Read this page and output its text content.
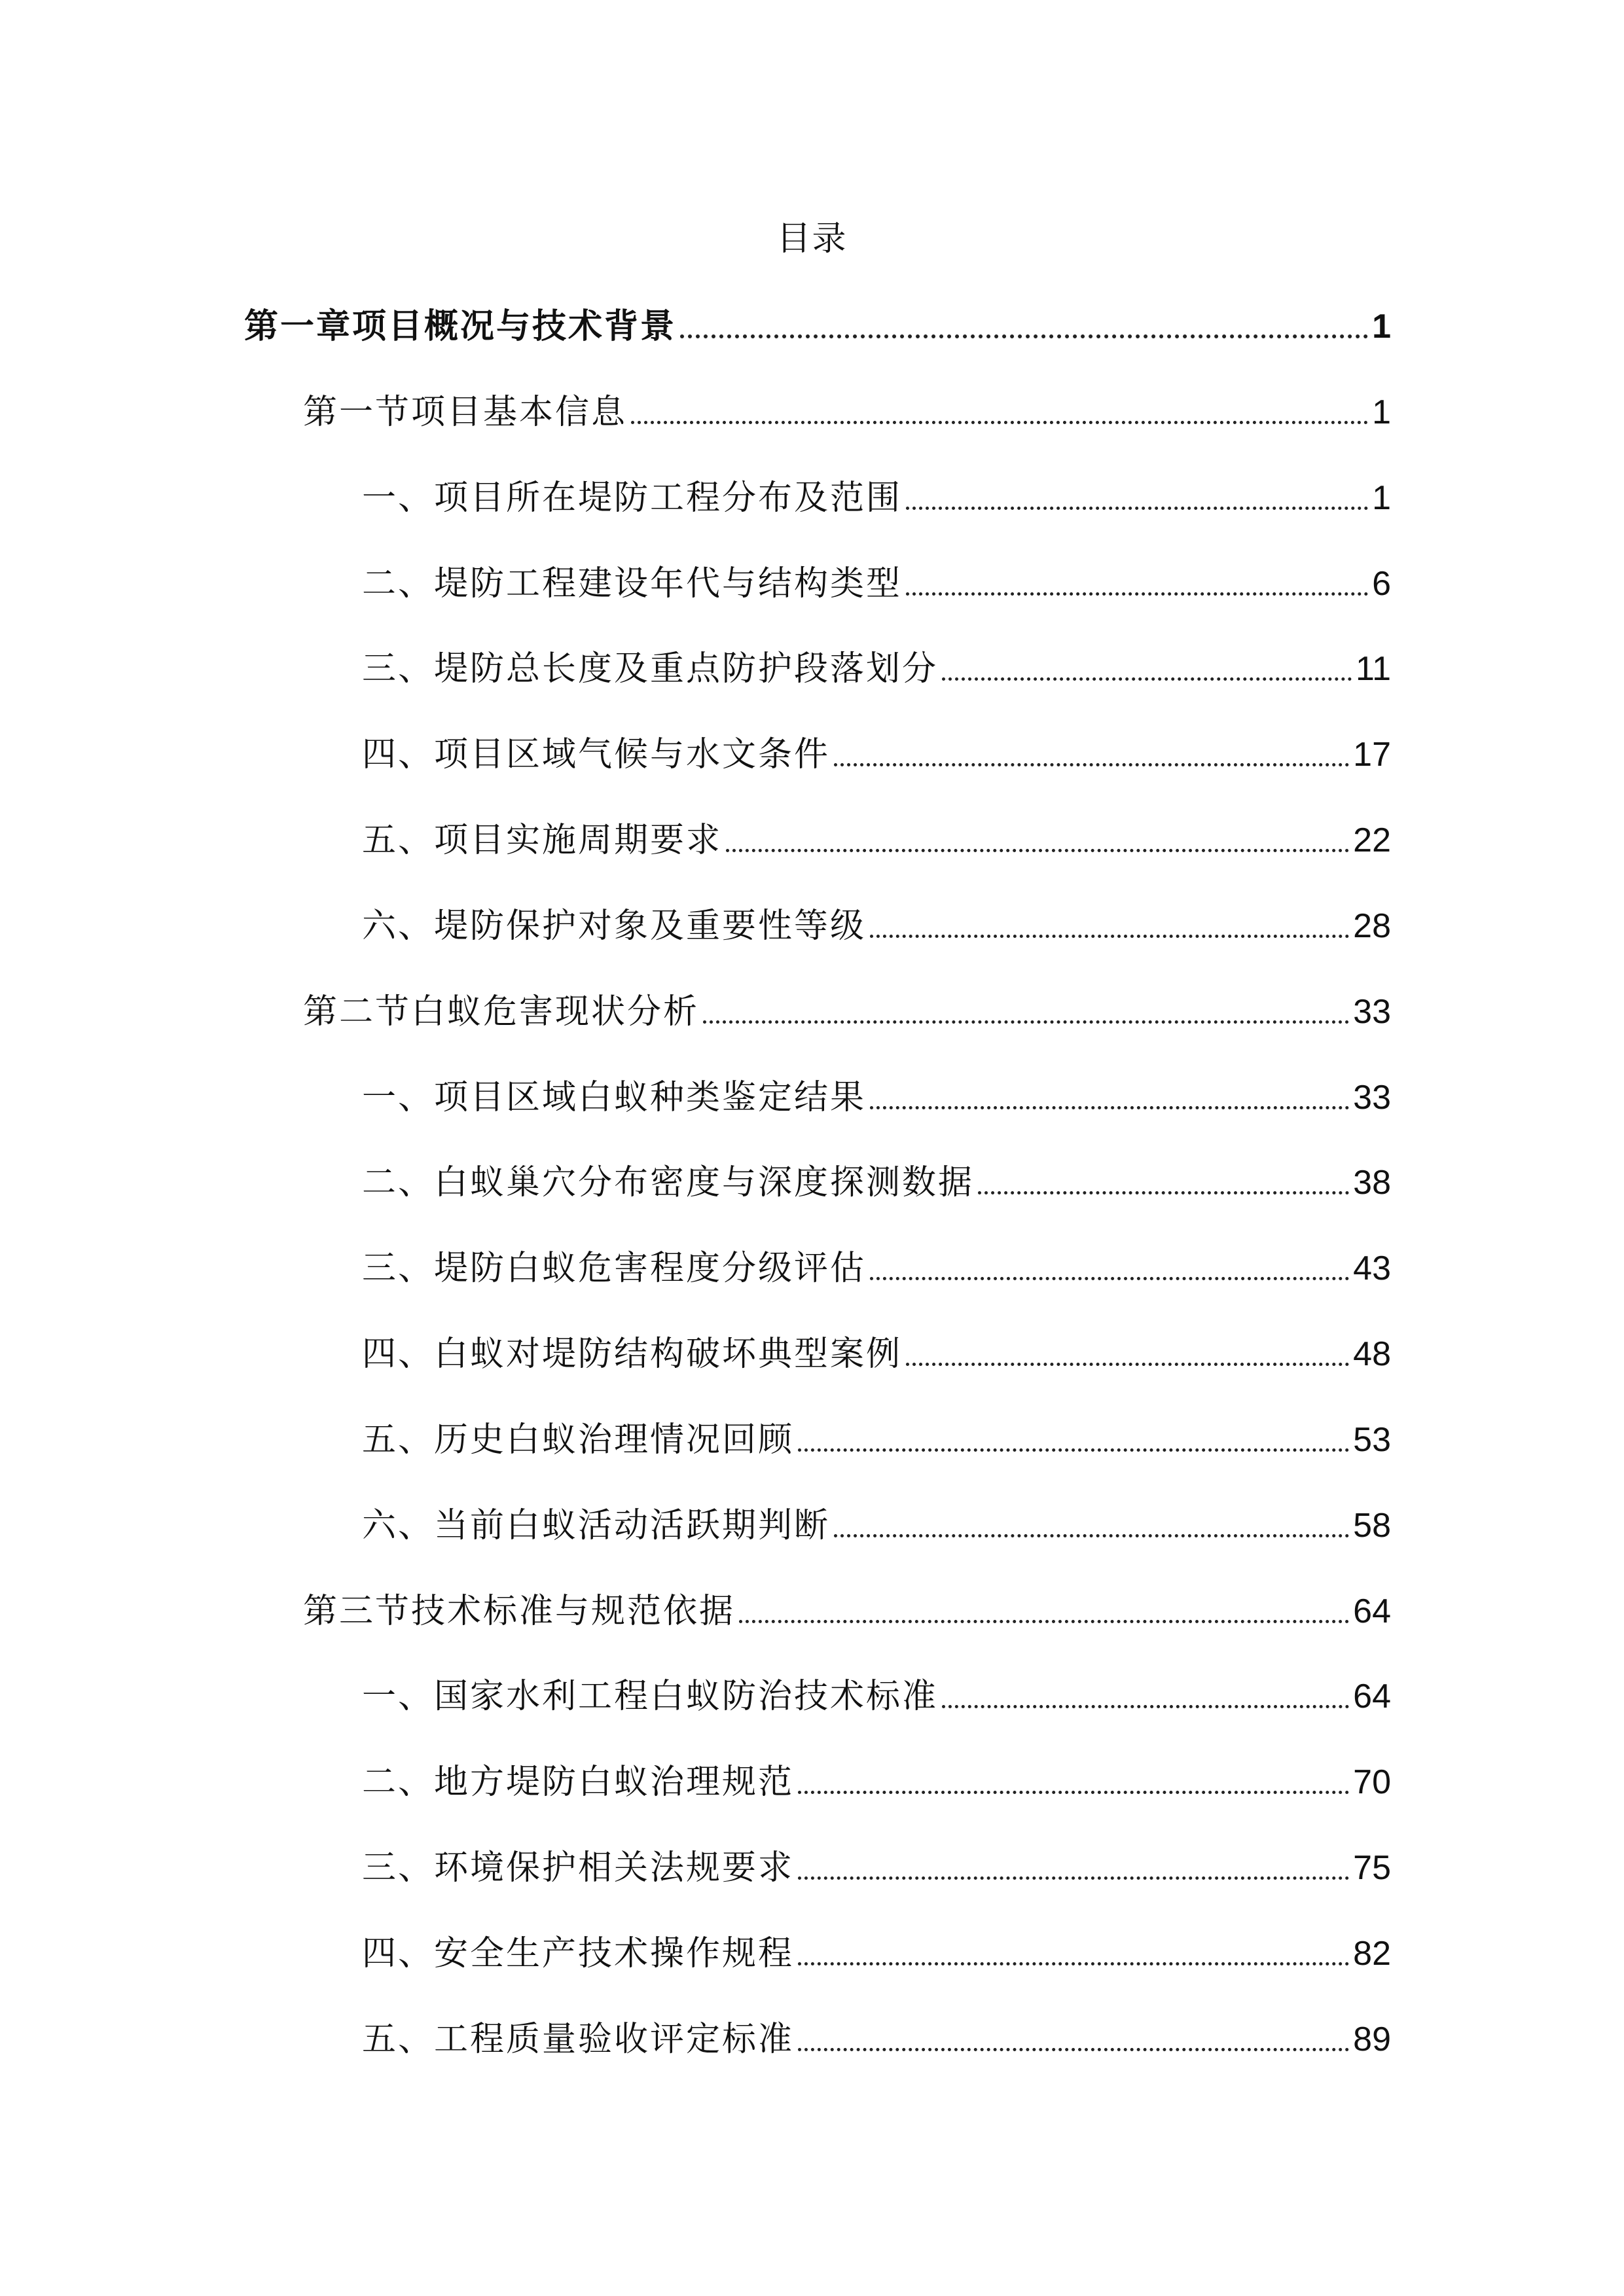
目录
第一章项目概况与技术背景	1
第一节项目基本信息	1
一、项目所在堤防工程分布及范围	1
二、堤防工程建设年代与结构类型	6
三、堤防总长度及重点防护段落划分	11
四、项目区域气候与水文条件	17
五、项目实施周期要求	22
六、堤防保护对象及重要性等级	28
第二节白蚁危害现状分析	33
一、项目区域白蚁种类鉴定结果	33
二、白蚁巢穴分布密度与深度探测数据	38
三、堤防白蚁危害程度分级评估	43
四、白蚁对堤防结构破坏典型案例	48
五、历史白蚁治理情况回顾	53
六、当前白蚁活动活跃期判断	58
第三节技术标准与规范依据	64
一、国家水利工程白蚁防治技术标准	64
二、地方堤防白蚁治理规范	70
三、环境保护相关法规要求	75
四、安全生产技术操作规程	82
五、工程质量验收评定标准	89
